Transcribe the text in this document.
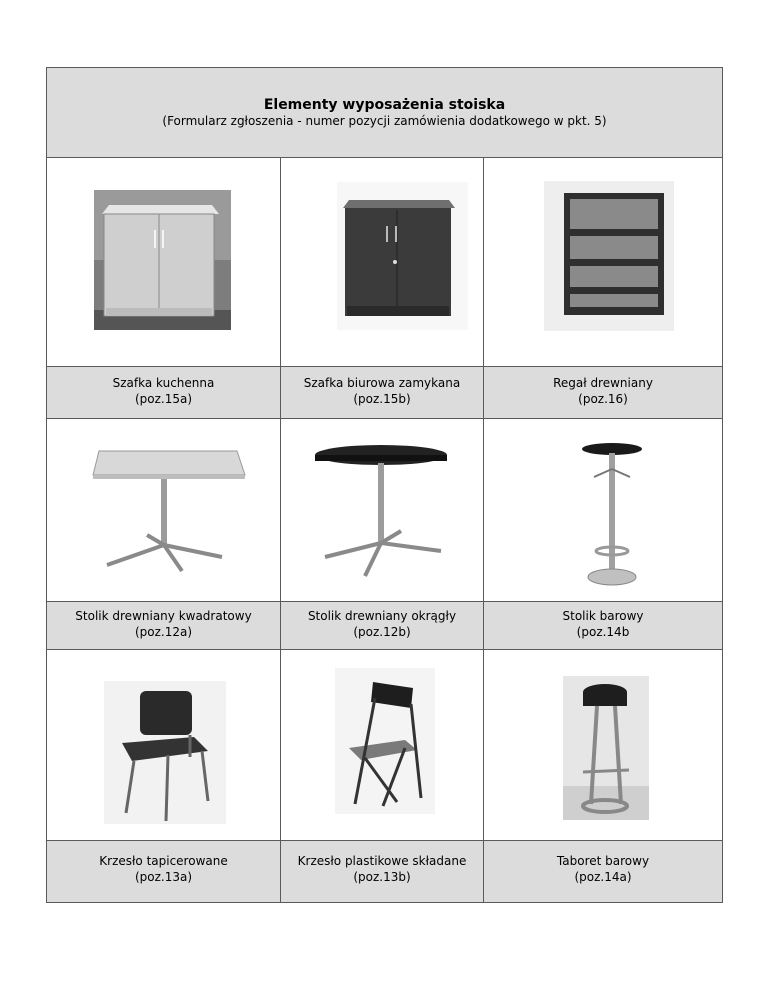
Elementy wyposażenia stoiska
(Formularz zgłoszenia - numer pozycji zamówienia dodatkowego w pkt. 5)
Szafka kuchenna
(poz.15a)
Szafka biurowa zamykana
(poz.15b)
Regał drewniany
(poz.16)
Stolik drewniany kwadratowy
(poz.12a)
Stolik drewniany okrągły
(poz.12b)
Stolik barowy
(poz.14b
Krzesło tapicerowane
(poz.13a)
Krzesło plastikowe składane
(poz.13b)
Taboret barowy
(poz.14a)
